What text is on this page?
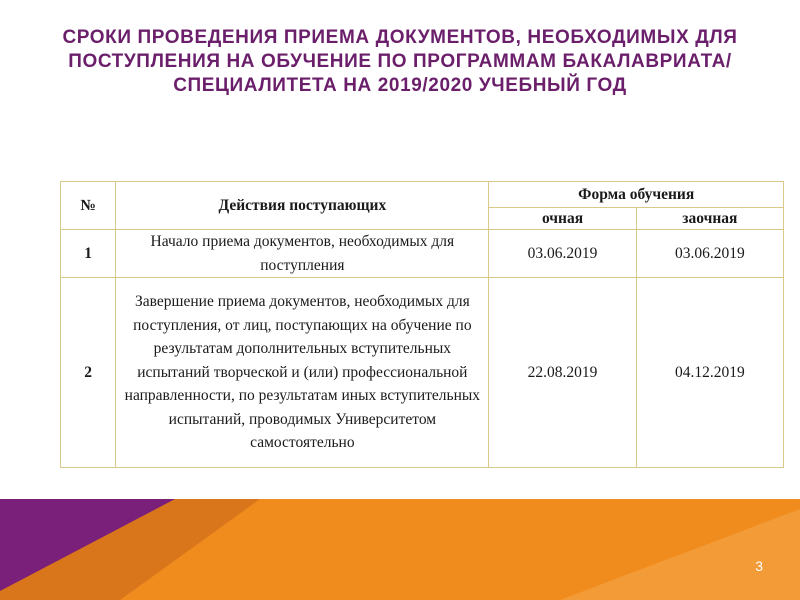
СРОКИ ПРОВЕДЕНИЯ ПРИЕМА ДОКУМЕНТОВ, НЕОБХОДИМЫХ ДЛЯ ПОСТУПЛЕНИЯ НА ОБУЧЕНИЕ ПО ПРОГРАММАМ БАКАЛАВРИАТА/СПЕЦИАЛИТЕТА НА 2019/2020 УЧЕБНЫЙ ГОД
№	Действия поступающих	Форма обучения	
		очная	заочная
1	Начало приема документов, необходимых для поступления	03.06.2019	03.06.2019
2	Завершение приема документов, необходимых для поступления, от лиц, поступающих на обучение по результатам дополнительных вступительных испытаний творческой и (или) профессиональной направленности, по результатам иных вступительных испытаний, проводимых Университетом самостоятельно	22.08.2019	04.12.2019
3
